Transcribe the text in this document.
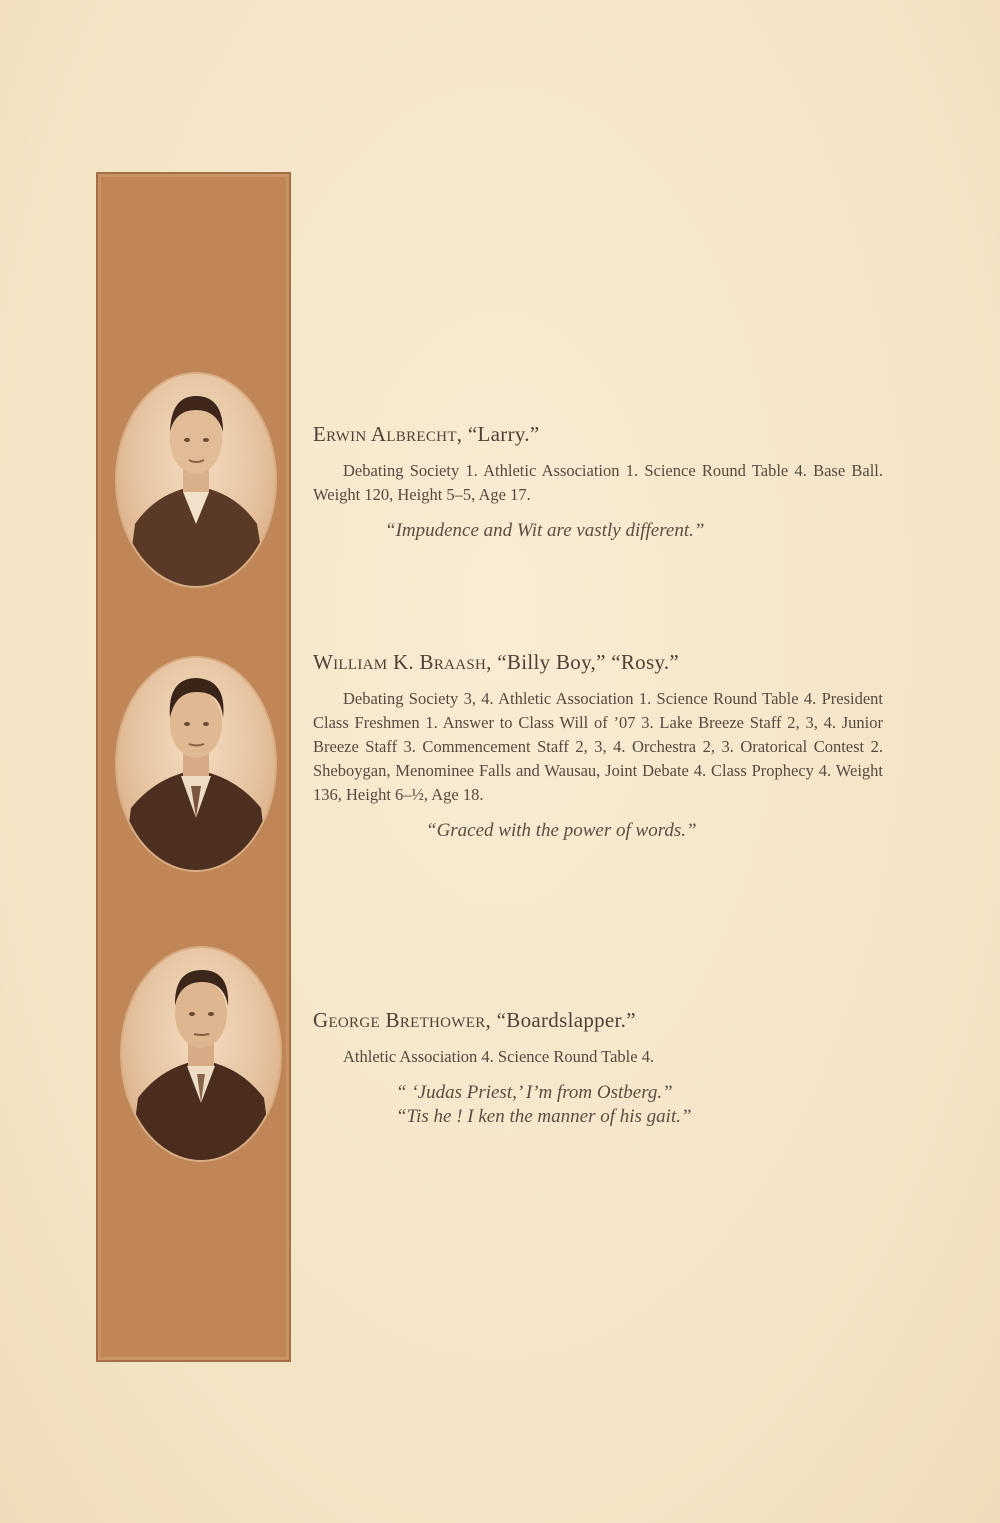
Erwin Albrecht, “Larry.”

Debating Society 1. Athletic Association 1. Science Round Table 4. Base Ball. Weight 120, Height 5–5, Age 17.

“Impudence and Wit are vastly different.”

William K. Braash, “Billy Boy,” “Rosy.”

Debating Society 3, 4. Athletic Association 1. Science Round Table 4. President Class Freshmen 1. Answer to Class Will of ’07 3. Lake Breeze Staff 2, 3, 4. Junior Breeze Staff 3. Commencement Staff 2, 3, 4. Orchestra 2, 3. Oratorical Contest 2. Sheboygan, Menominee Falls and Wausau, Joint Debate 4. Class Prophecy 4. Weight 136, Height 6–½, Age 18.

“Graced with the power of words.”

George Brethower, “Boardslapper.”

Athletic Association 4. Science Round Table 4.

“ ‘Judas Priest,’ I’m from Ostberg.”

“Tis he ! I ken the manner of his gait.”
